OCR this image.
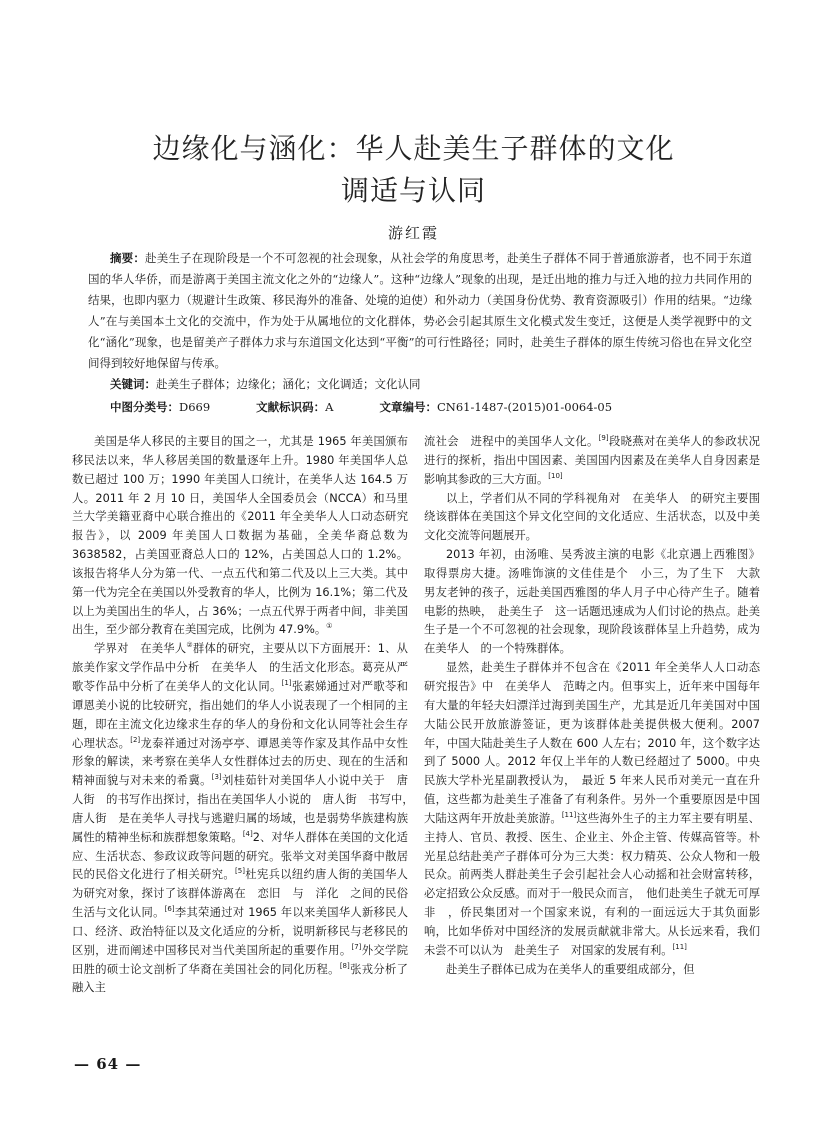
边缘化与涵化：华人赴美生子群体的文化
调适与认同
游红霞

摘要：赴美生子在现阶段是一个不可忽视的社会现象，从社会学的角度思考，赴美生子群体不同于普通旅游者，也不同于东道国的华人华侨，而是游离于美国主流文化之外的“边缘人”。这种“边缘人”现象的出现，是迁出地的推力与迁入地的拉力共同作用的结果，也即内驱力（规避计生政策、移民海外的准备、处境的迫使）和外动力（美国身份优势、教育资源吸引）作用的结果。“边缘人”在与美国本土文化的交流中，作为处于从属地位的文化群体，势必会引起其原生文化模式发生变迁，这便是人类学视野中的文化“涵化”现象，也是留美产子群体力求与东道国文化达到“平衡”的可行性路径；同时，赴美生子群体的原生传统习俗也在异文化空间得到较好地保留与传承。

关键词：赴美生子群体；边缘化；涵化；文化调适；文化认同
中图分类号：D669	文献标识码：A	文章编号：CN61-1487-(2015)01-0064-05

美国是华人移民的主要目的国之一，尤其是 1965 年美国颁布移民法以来，华人移居美国的数量逐年上升。1980 年美国华人总数已超过 100 万；1990 年美国人口统计，在美华人达 164.5 万人。2011 年 2 月 10 日，美国华人全国委员会（NCCA）和马里兰大学美籍亚裔中心联合推出的《2011 年全美华人人口动态研究报告》，以 2009 年美国人口数据为基础，全美华裔总数为 3638582，占美国亚裔总人口的 12%，占美国总人口的 1.2%。该报告将华人分为第一代、一点五代和第二代及以上三大类。其中第一代为完全在美国以外受教育的华人，比例为 16.1%；第二代及以上为美国出生的华人，占 36%；一点五代界于两者中间，非美国出生，至少部分教育在美国完成，比例为 47.9%。①

学界对　在美华人②群体的研究，主要从以下方面展开：1、从旅美作家文学作品中分析　在美华人　的生活文化形态。葛亮从严歌苓作品中分析了在美华人的文化认同。[1]张素娣通过对严歌苓和谭恩美小说的比较研究，指出她们的华人小说表现了一个相同的主题，即在主流文化边缘求生存的华人的身份和文化认同等社会生存心理状态。[2]龙泰祥通过对汤亭亭、谭恩美等作家及其作品中女性形象的解读，来考察在美华人女性群体过去的历史、现在的生活和精神面貌与对未来的希冀。[3]刘桂茹针对美国华人小说中关于　唐人街　的书写作出探讨，指出在美国华人小说的　唐人街　书写中，　唐人街　是在美华人寻找与逃避归属的场域，也是弱势华族建构族属性的精神坐标和族群想象策略。[4]2、对华人群体在美国的文化适应、生活状态、参政议政等问题的研究。张举文对美国华裔中散居民的民俗文化进行了相关研究。[5]杜宪兵以纽约唐人街的美国华人为研究对象，探讨了该群体游离在　恋旧　与　洋化　之间的民俗生活与文化认同。[6]李其荣通过对 1965 年以来美国华人新移民人口、经济、政治特征以及文化适应的分析，说明新移民与老移民的区别，进而阐述中国移民对当代美国所起的重要作用。[7]外交学院田胜的硕士论文剖析了华裔在美国社会的同化历程。[8]张戎分析了　融入主

流社会　进程中的美国华人文化。[9]段晓燕对在美华人的参政状况进行的探析，指出中国因素、美国国内因素及在美华人自身因素是影响其参政的三大方面。[10]

以上，学者们从不同的学科视角对　在美华人　的研究主要围绕该群体在美国这个异文化空间的文化适应、生活状态，以及中美文化交流等问题展开。

2013 年初，由汤唯、吴秀波主演的电影《北京遇上西雅图》取得票房大捷。汤唯饰演的文佳佳是个　小三，为了生下　大款　男友老钟的孩子，远赴美国西雅图的华人月子中心待产生子。随着电影的热映，　赴美生子　这一话题迅速成为人们讨论的热点。赴美生子是一个不可忽视的社会现象，现阶段该群体呈上升趋势，成为　在美华人　的一个特殊群体。

显然，赴美生子群体并不包含在《2011 年全美华人人口动态研究报告》中　在美华人　范畴之内。但事实上，近年来中国每年有大量的年轻夫妇漂洋过海到美国生产，尤其是近几年美国对中国大陆公民开放旅游签证，更为该群体赴美提供极大便利。2007 年，中国大陆赴美生子人数在 600 人左右；2010 年，这个数字达到了 5000 人。2012 年仅上半年的人数已经超过了 5000。中央民族大学朴光星副教授认为，　最近 5 年来人民币对美元一直在升值，这些都为赴美生子准备了有利条件。另外一个重要原因是中国大陆这两年开放赴美旅游。[11]这些海外生子的主力军主要有明星、主持人、官员、教授、医生、企业主、外企主管、传媒高管等。朴光星总结赴美产子群体可分为三大类：权力精英、公众人物和一般民众。前两类人群赴美生子会引起社会人心动摇和社会财富转移，必定招致公众反感。而对于一般民众而言，　他们赴美生子就无可厚非　，侨民集团对一个国家来说，有利的一面远远大于其负面影响，比如华侨对中国经济的发展贡献就非常大。从长远来看，我们未尝不可以认为　赴美生子　对国家的发展有利。[11]

赴美生子群体已成为在美华人的重要组成部分，但

— 64 —
